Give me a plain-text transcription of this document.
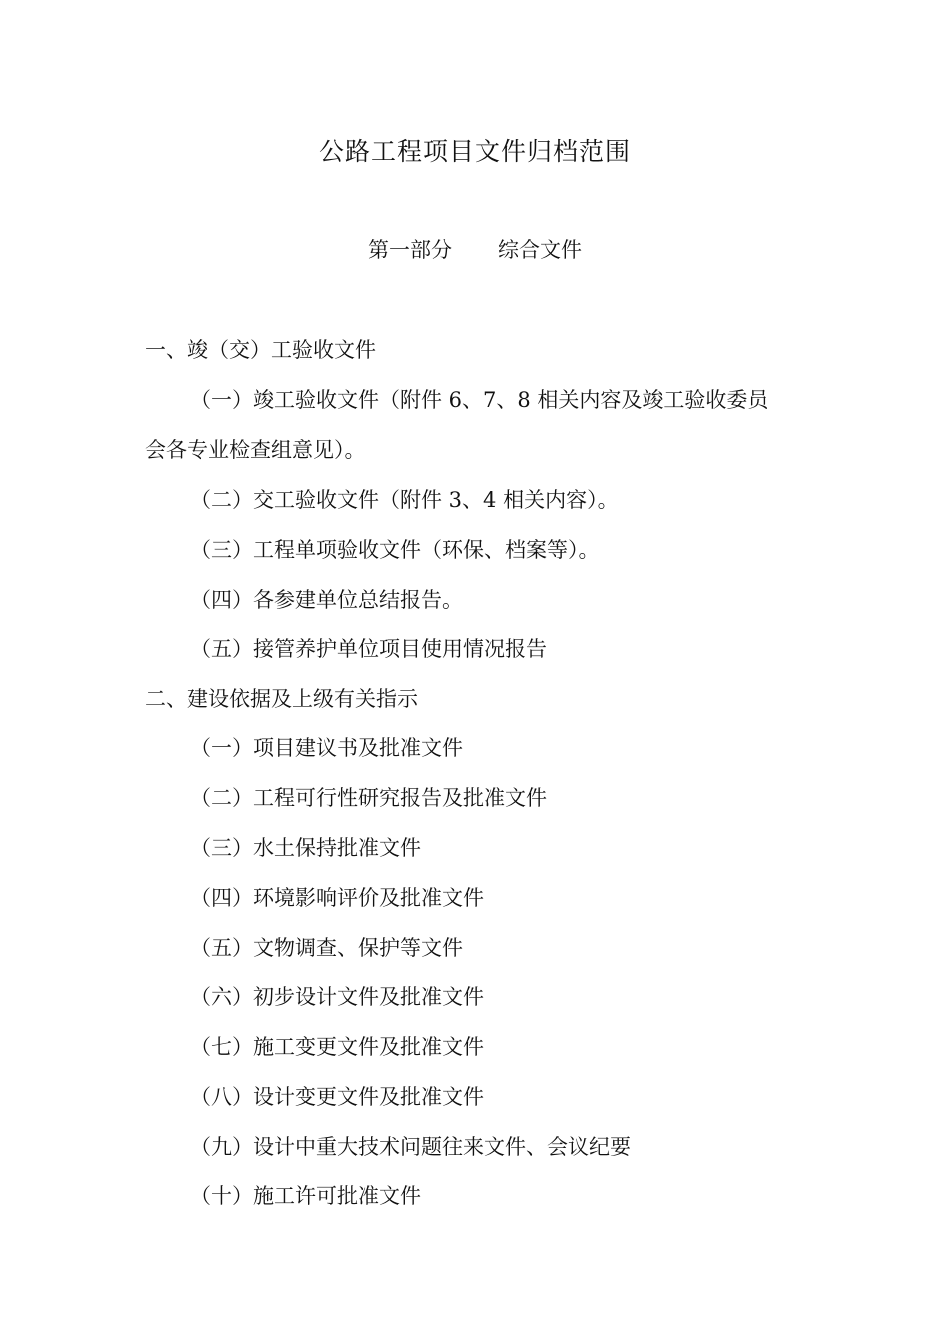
公路工程项目文件归档范围
第一部分 综合文件
一、竣（交）工验收文件
（一）竣工验收文件（附件 6、7、8 相关内容及竣工验收委员
会各专业检查组意见）。
（二）交工验收文件（附件 3、4 相关内容）。
（三）工程单项验收文件（环保、档案等）。
（四）各参建单位总结报告。
（五）接管养护单位项目使用情况报告
二、建设依据及上级有关指示
（一）项目建议书及批准文件
（二）工程可行性研究报告及批准文件
（三）水土保持批准文件
（四）环境影响评价及批准文件
（五）文物调查、保护等文件
（六）初步设计文件及批准文件
（七）施工变更文件及批准文件
（八）设计变更文件及批准文件
（九）设计中重大技术问题往来文件、会议纪要
（十）施工许可批准文件
